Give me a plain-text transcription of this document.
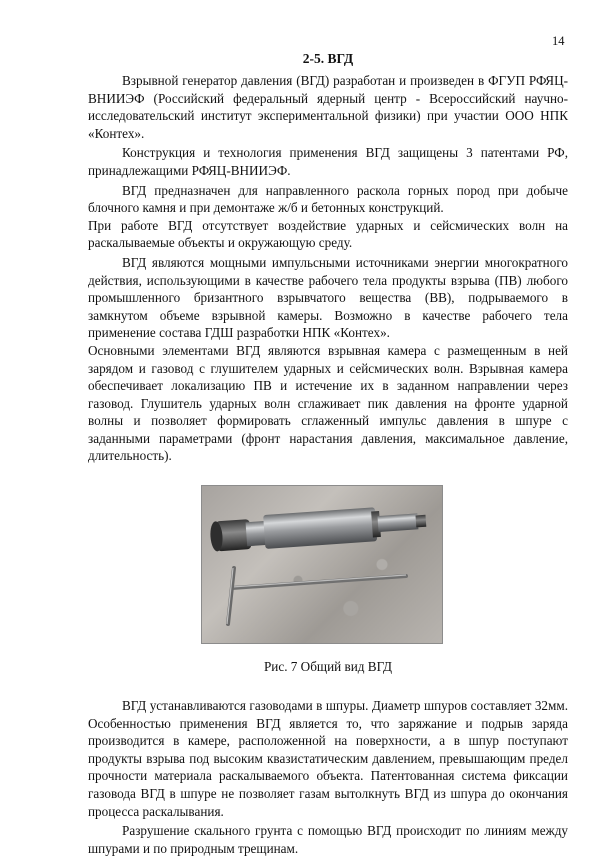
14
2-5. ВГД

Взрывной генератор давления (ВГД) разработан и произведен в ФГУП РФЯЦ-ВНИИЭФ (Российский федеральный ядерный центр - Всероссийский научно-исследовательский институт экспериментальной физики) при участии ООО НПК «Контех».

Конструкция и технология применения ВГД защищены 3 патентами РФ, принадлежащими РФЯЦ-ВНИИЭФ.

ВГД предназначен для направленного раскола горных пород при добыче блочного камня и при демонтаже ж/б и бетонных конструкций.

При работе ВГД отсутствует воздействие ударных и сейсмических волн на раскалываемые объекты и окружающую среду.

ВГД являются мощными импульсными источниками энергии многократного действия, использующими в качестве рабочего тела продукты взрыва (ПВ) любого промышленного бризантного взрывчатого вещества (ВВ), подрываемого в замкнутом объеме взрывной камеры. Возможно в качестве рабочего тела применение состава ГДШ разработки НПК «Контех».

Основными элементами ВГД являются взрывная камера с размещенным в ней зарядом и газовод с глушителем ударных и сейсмических волн. Взрывная камера обеспечивает локализацию ПВ и истечение их в заданном направлении через газовод. Глушитель ударных волн сглаживает пик давления на фронте ударной волны и позволяет формировать сглаженный импульс давления в шпуре с заданными параметрами (фронт нарастания давления, максимальное давление, длительность).

Рис. 7 Общий вид ВГД

ВГД устанавливаются газоводами в шпуры. Диаметр шпуров составляет 32мм. Особенностью применения ВГД является то, что заряжание и подрыв заряда производится в камере, расположенной на поверхности, а в шпур поступают продукты взрыва под высоким квазистатическим давлением, превышающим предел прочности материала раскалываемого объекта. Патентованная система фиксации газовода ВГД в шпуре не позволяет газам вытолкнуть ВГД из шпура до окончания процесса раскалывания.

Разрушение скального грунта с помощью ВГД происходит по линиям между шпурами и по природным трещинам.
